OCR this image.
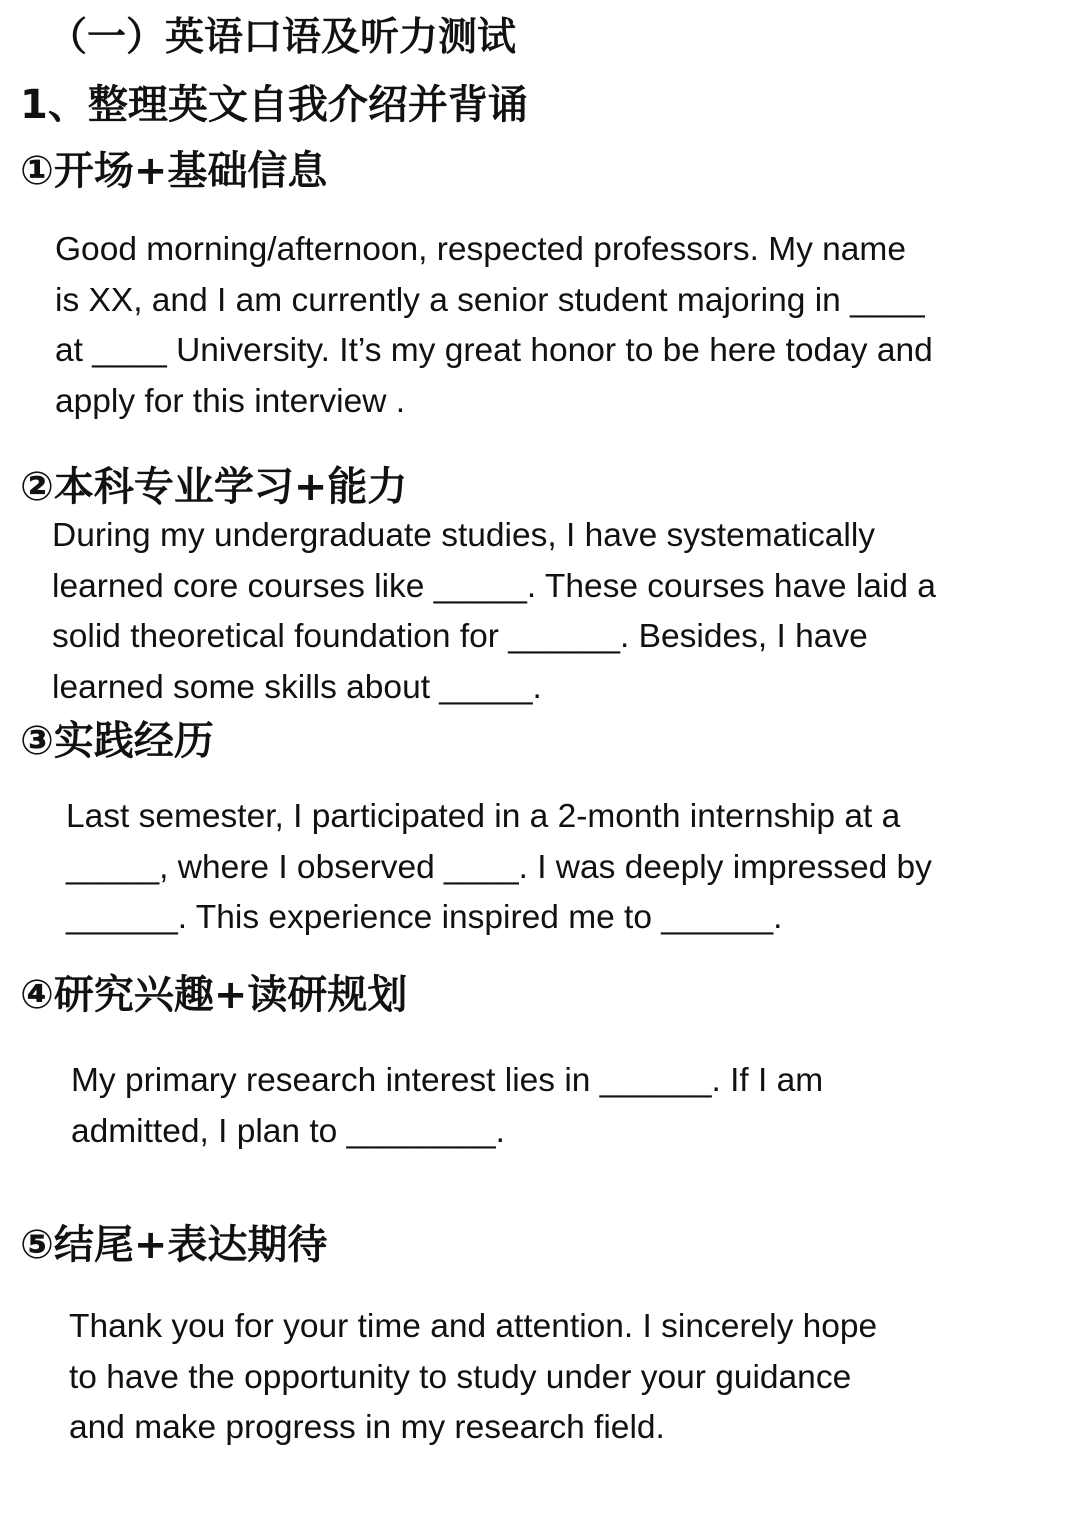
（一）英语口语及听力测试
1、整理英文自我介绍并背诵
①开场+基础信息

Good morning/afternoon, respected professors. My name
is XX, and I am currently a senior student majoring in ____
at ____ University. It’s my great honor to be here today and
apply for this interview .

②本科专业学习+能力

During my undergraduate studies, I have systematically
learned core courses like _____. These courses have laid a
solid theoretical foundation for ______. Besides, I have
learned some skills about _____.

③实践经历

Last semester, I participated in a 2-month internship at a
_____, where I observed ____. I was deeply impressed by
______. This experience inspired me to ______.

④研究兴趣+读研规划

My primary research interest lies in ______. If I am
admitted, I plan to ________.

⑤结尾+表达期待

Thank you for your time and attention. I sincerely hope
to have the opportunity to study under your guidance
and make progress in my research field.
